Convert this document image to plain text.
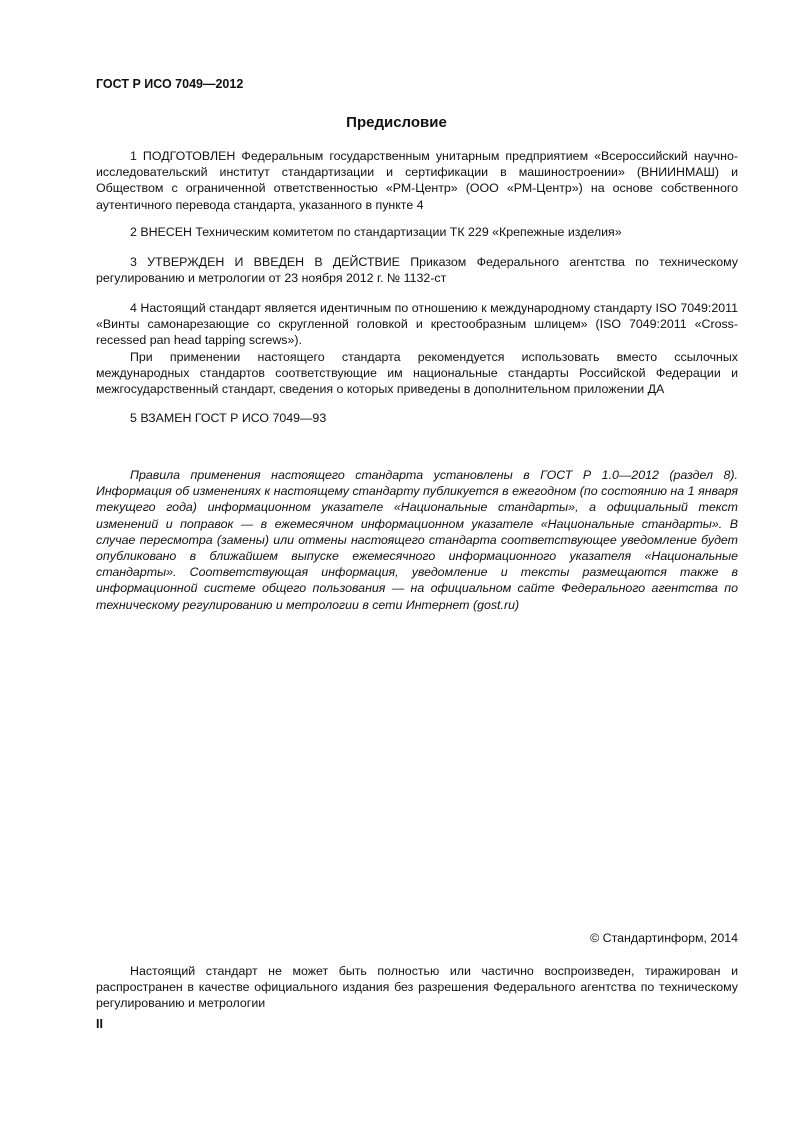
ГОСТ Р ИСО 7049—2012
Предисловие

1 ПОДГОТОВЛЕН Федеральным государственным унитарным предприятием «Всероссийский научно-исследовательский институт стандартизации и сертификации в машиностроении» (ВНИИНМАШ) и Обществом с ограниченной ответственностью «РМ-Центр» (ООО «РМ-Центр») на основе собственного аутентичного перевода стандарта, указанного в пункте 4

2 ВНЕСЕН Техническим комитетом по стандартизации ТК 229 «Крепежные изделия»

3 УТВЕРЖДЕН И ВВЕДЕН В ДЕЙСТВИЕ Приказом Федерального агентства по техническому регулированию и метрологии от 23 ноября 2012 г. № 1132-ст

4 Настоящий стандарт является идентичным по отношению к международному стандарту ISO 7049:2011 «Винты самонарезающие со скругленной головкой и крестообразным шлицем» (ISO 7049:2011 «Cross-recessed pan head tapping screws»).

При применении настоящего стандарта рекомендуется использовать вместо ссылочных международных стандартов соответствующие им национальные стандарты Российской Федерации и межгосударственный стандарт, сведения о которых приведены в дополнительном приложении ДА

5 ВЗАМЕН ГОСТ Р ИСО 7049—93

Правила применения настоящего стандарта установлены в ГОСТ Р 1.0—2012 (раздел 8). Информация об изменениях к настоящему стандарту публикуется в ежегодном (по состоянию на 1 января текущего года) информационном указателе «Национальные стандарты», а официальный текст изменений и поправок — в ежемесячном информационном указателе «Национальные стандарты». В случае пересмотра (замены) или отмены настоящего стандарта соответствующее уведомление будет опубликовано в ближайшем выпуске ежемесячного информационного указателя «Национальные стандарты». Соответствующая информация, уведомление и тексты размещаются также в информационной системе общего пользования — на официальном сайте Федерального агентства по техническому регулированию и метрологии в сети Интернет (gost.ru)

© Стандартинформ, 2014

Настоящий стандарт не может быть полностью или частично воспроизведен, тиражирован и распространен в качестве официального издания без разрешения Федерального агентства по техническому регулированию и метрологии

II
